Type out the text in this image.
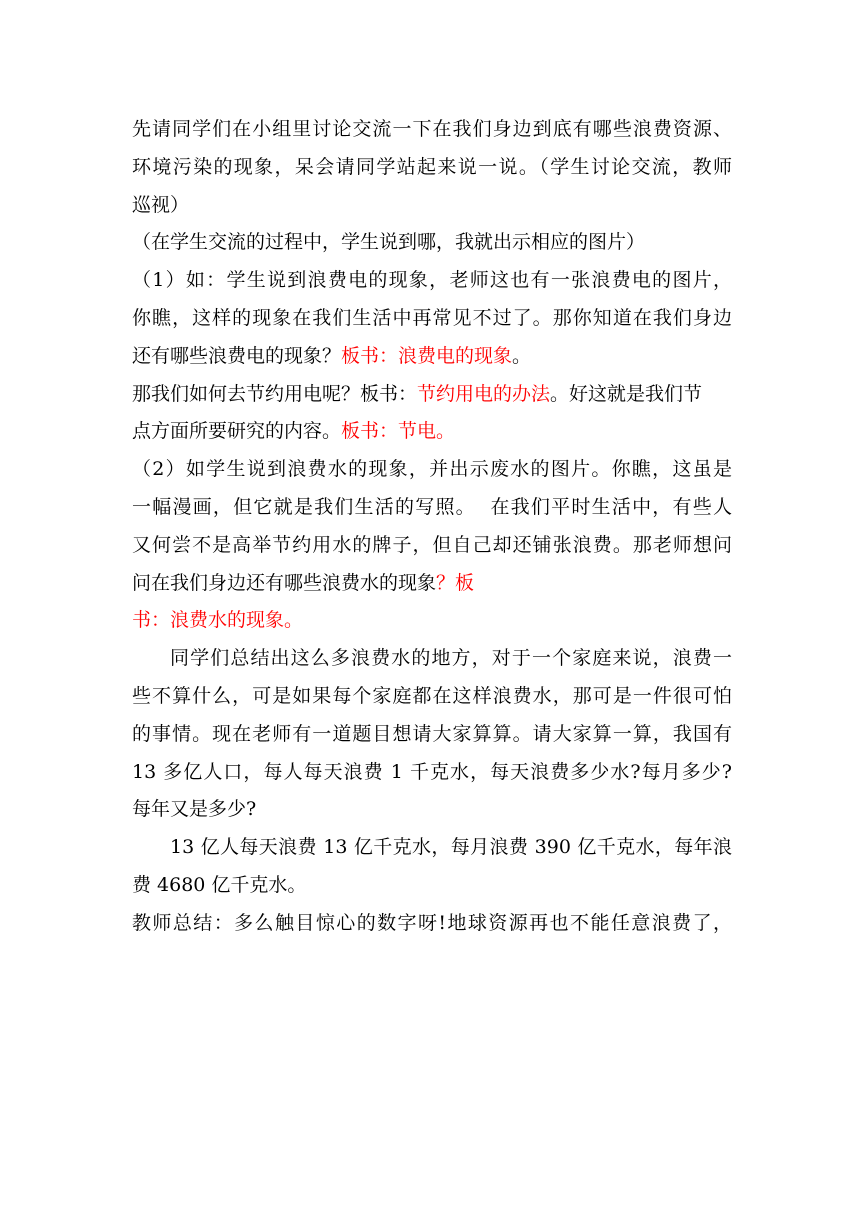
先请同学们在小组里讨论交流一下在我们身边到底有哪些浪费资源、
环境污染的现象，呆会请同学站起来说一说。（学生讨论交流，教师
巡视）
（在学生交流的过程中，学生说到哪，我就出示相应的图片）
（1）如：学生说到浪费电的现象，老师这也有一张浪费电的图片，
你瞧，这样的现象在我们生活中再常见不过了。那你知道在我们身边
还有哪些浪费电的现象？板书：浪费电的现象。
那我们如何去节约用电呢？板书：节约用电的办法。好这就是我们节
点方面所要研究的内容。板书：节电。
（2）如学生说到浪费水的现象，并出示废水的图片。你瞧，这虽是
一幅漫画，但它就是我们生活的写照。  在我们平时生活中，有些人
又何尝不是高举节约用水的牌子，但自己却还铺张浪费。那老师想问
问在我们身边还有哪些浪费水的现象？板
书：浪费水的现象。
同学们总结出这么多浪费水的地方，对于一个家庭来说，浪费一
些不算什么，可是如果每个家庭都在这样浪费水，那可是一件很可怕
的事情。现在老师有一道题目想请大家算算。请大家算一算，我国有
13 多亿人口，每人每天浪费 1 千克水，每天浪费多少水?每月多少?
每年又是多少?
13 亿人每天浪费 13 亿千克水，每月浪费 390 亿千克水，每年浪
费 4680 亿千克水。
教师总结：多么触目惊心的数字呀!地球资源再也不能任意浪费了，
